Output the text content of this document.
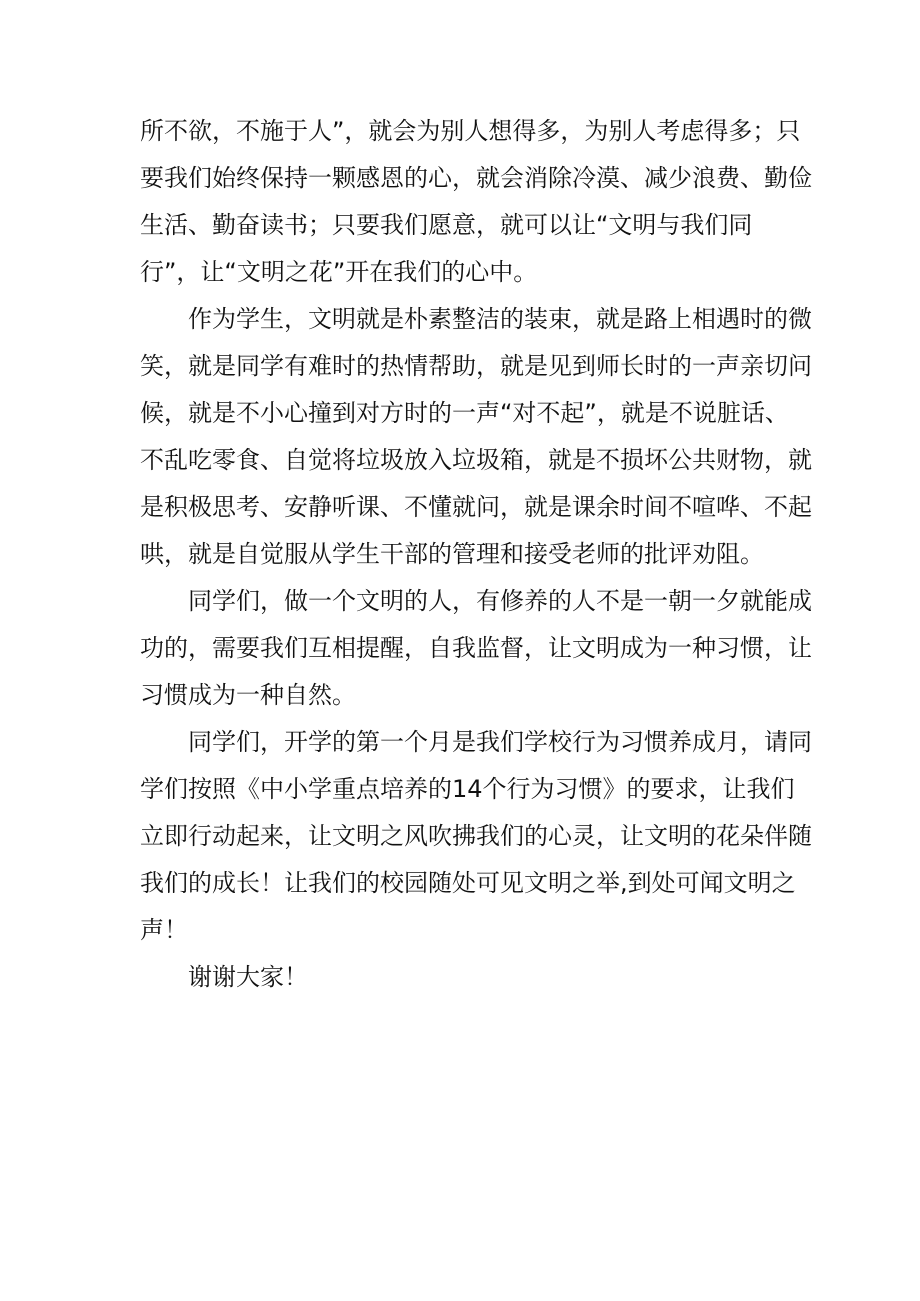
所不欲，不施于人”，就会为别人想得多，为别人考虑得多；只
要我们始终保持一颗感恩的心，就会消除冷漠、减少浪费、勤俭
生活、勤奋读书；只要我们愿意，就可以让“文明与我们同
行”，让“文明之花”开在我们的心中。
作为学生，文明就是朴素整洁的装束，就是路上相遇时的微
笑，就是同学有难时的热情帮助，就是见到师长时的一声亲切问
候，就是不小心撞到对方时的一声“对不起”，就是不说脏话、
不乱吃零食、自觉将垃圾放入垃圾箱，就是不损坏公共财物，就
是积极思考、安静听课、不懂就问，就是课余时间不喧哗、不起
哄，就是自觉服从学生干部的管理和接受老师的批评劝阻。
同学们，做一个文明的人，有修养的人不是一朝一夕就能成
功的，需要我们互相提醒，自我监督，让文明成为一种习惯，让
习惯成为一种自然。
同学们，开学的第一个月是我们学校行为习惯养成月，请同
学们按照《中小学重点培养的14个行为习惯》的要求，让我们
立即行动起来，让文明之风吹拂我们的心灵，让文明的花朵伴随
我们的成长！让我们的校园随处可见文明之举,到处可闻文明之
声！
谢谢大家！
